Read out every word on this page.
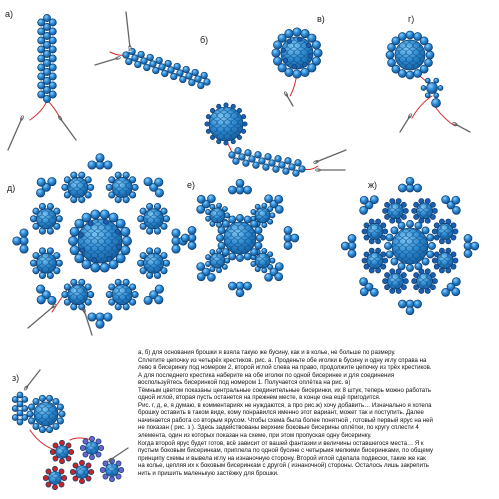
а)
б)
в)	г)
д)	е)	ж)
з)
1	2
3

а, б) для основания брошки я взяла такую же бусину, как и в колье, не больше по размеру.

Сплетите цепочку из четырёх крестиков. рис. а. Проденьте обе иголки в бусину и одну иглу справа на

лево в бисеринку под номером 2, второй иглой слева на право, продолжите цепочку из трёх крестиков.

А для последнего крестика наберите на обе иголки по одной бисеринке и для соединения

воспользуйтесь бисеринкой под номером 1. Получается оплётка на рис. в)

Тёмным цветом показаны центральные соединительные бисеринки, их 8 штук, теперь можно работать

одной иглой, вторая пусть останется на прежнем месте, в конце она ещё пригодится.

Рис. г, д, е, я думаю, в комментариях не нуждаются, а про рис.ж) хочу добавить… Изначально я хотела

брошку оставить в таком виде, кому понравился именно этот вариант, может так и поступить. Далее

начинается работа со вторым ярусом. Чтобы схема была более понятной , готовый первый ярус на ней

не показан ( рис. з ). Здесь задействованы верхние боковые бисерины оплётки, по кругу сплести 4

элемента, один из которых показан на схеме, при этом пропуская одну бисеринку.

Когда второй ярус будет готов, всё зависит от вашей фантазии и величины оставшегося места… Я к

пустым боковым бисеринкам, приплела по одной бусине с четырьмя мелкими бисеринками, по общему

принципу схемы и вывела иглу на изнаночную сторону. Второй иглой сделала подвески, такие же как

на колье, цепляя их к боковым бисеринкам с другой ( изнаночной) стороны. Осталось лишь закрепить

нить и пришить маленькую застёжку для брошки.
